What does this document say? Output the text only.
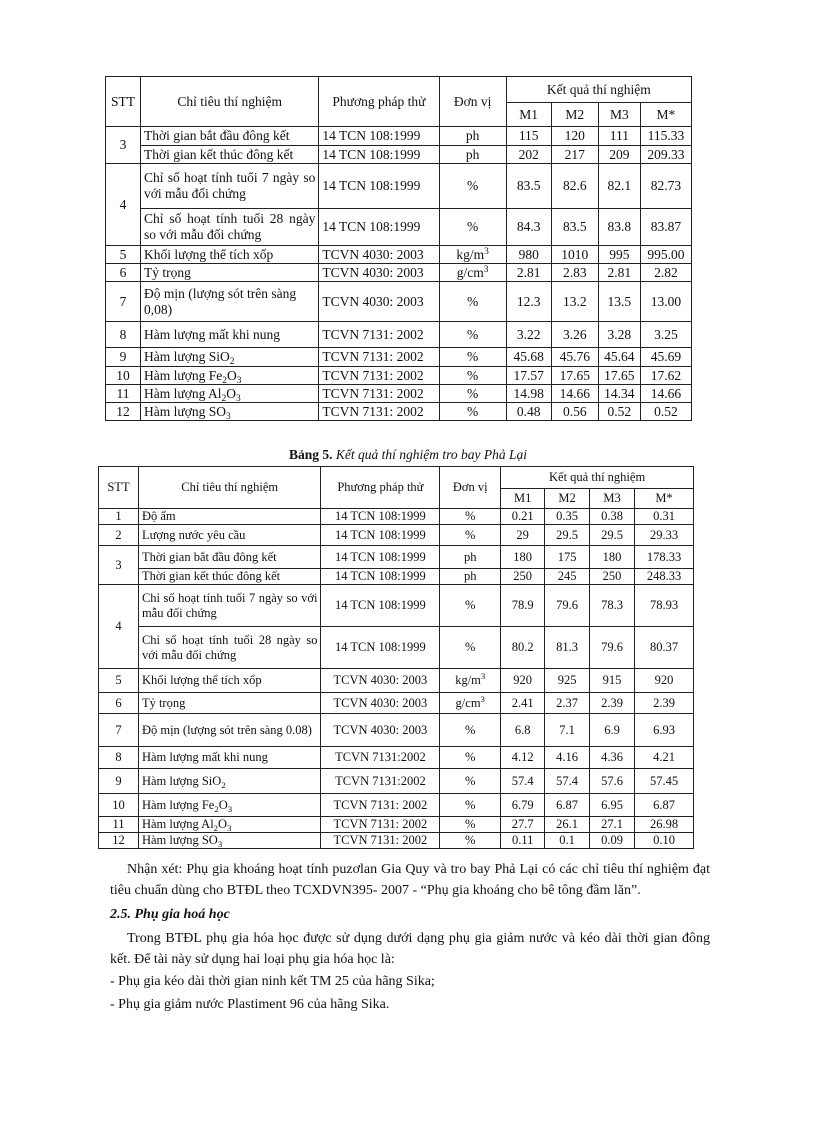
STT	Chỉ tiêu thí nghiệm	Phương pháp thử	Đơn vị	Kết quả thí nghiệm			
				M1	M2	M3	M*
3	Thời gian bắt đầu đông kết	14 TCN 108:1999	ph	115	120	111	115.33
	Thời gian kết thúc đông kết	14 TCN 108:1999	ph	202	217	209	209.33
4	Chỉ số hoạt tính tuổi 7 ngày so với mẫu đối chứng	14 TCN 108:1999	%	83.5	82.6	82.1	82.73
	Chỉ số hoạt tính tuổi 28 ngày so với mẫu đối chứng	14 TCN 108:1999	%	84.3	83.5	83.8	83.87
5	Khối lượng thể tích xốp	TCVN 4030: 2003	$kg/m^3$	980	1010	995	995.00
6	Tỷ trọng	TCVN 4030: 2003	$g/cm^3$	2.81	2.83	2.81	2.82
7	Độ mịn (lượng sót trên sàng 0,08)	TCVN 4030: 2003	%	12.3	13.2	13.5	13.00
8	Hàm lượng mất khi nung	TCVN 7131: 2002	%	3.22	3.26	3.28	3.25
9	Hàm lượng SiO$_2$	TCVN 7131: 2002	%	45.68	45.76	45.64	45.69
10	Hàm lượng $Fe_2O_3$	TCVN 7131: 2002	%	17.57	17.65	17.65	17.62
11	Hàm lượng $Al_2O_3$	TCVN 7131: 2002	%	14.98	14.66	14.34	14.66
12	Hàm lượng $SO_3$	TCVN 7131: 2002	%	0.48	0.56	0.52	0.52
Bảng 5. Kết quả thí nghiệm tro bay Phả Lại
STT	Chỉ tiêu thí nghiệm	Phương pháp thử	Đơn vị	Kết quả thí nghiệm			
				M1	M2	M3	M*
1	Độ ẩm	14 TCN 108:1999	%	0.21	0.35	0.38	0.31
2	Lượng nước yêu cầu	14 TCN 108:1999	%	29	29.5	29.5	29.33
3	Thời gian bắt đầu đông kết	14 TCN 108:1999	ph	180	175	180	178.33
	Thời gian kết thúc đông kết	14 TCN 108:1999	ph	250	245	250	248.33
4	Chỉ số hoạt tính tuổi 7 ngày so với mẫu đối chứng	14 TCN 108:1999	%	78.9	79.6	78.3	78.93
	Chỉ số hoạt tính tuổi 28 ngày so với mẫu đối chứng	14 TCN 108:1999	%	80.2	81.3	79.6	80.37
5	Khối lượng thể tích xốp	TCVN 4030: 2003	$kg/m^3$	920	925	915	920
6	Tỷ trọng	TCVN 4030: 2003	$g/cm^3$	2.41	2.37	2.39	2.39
7	Độ mịn (lượng sót trên sàng 0.08)	TCVN 4030: 2003	%	6.8	7.1	6.9	6.93
8	Hàm lượng mất khi nung	TCVN 7131:2002	%	4.12	4.16	4.36	4.21
9	Hàm lượng SiO$_2$	TCVN 7131:2002	%	57.4	57.4	57.6	57.45
10	Hàm lượng $Fe_2O_3$	TCVN 7131: 2002	%	6.79	6.87	6.95	6.87
11	Hàm lượng $Al_2O_3$	TCVN 7131: 2002	%	27.7	26.1	27.1	26.98
12	Hàm lượng $SO_3$	TCVN 7131: 2002	%	0.11	0.1	0.09	0.10
Nhận xét: Phụ gia khoáng hoạt tính puzơlan Gia Quy và tro bay Phả Lại có các chỉ tiêu thí nghiệm đạt tiêu chuẩn dùng cho BTĐL theo TCXDVN395- 2007 - “Phụ gia khoáng cho bê tông đầm lăn”.
2.5. Phụ gia hoá học
Trong BTĐL phụ gia hóa học được sử dụng dưới dạng phụ gia giảm nước và kéo dài thời gian đông kết. Để tài này sử dụng hai loại phụ gia hóa học là:
- Phụ gia kéo dài thời gian ninh kết TM 25 của hãng Sika;
- Phụ gia giảm nước Plastiment 96 của hãng Sika.
